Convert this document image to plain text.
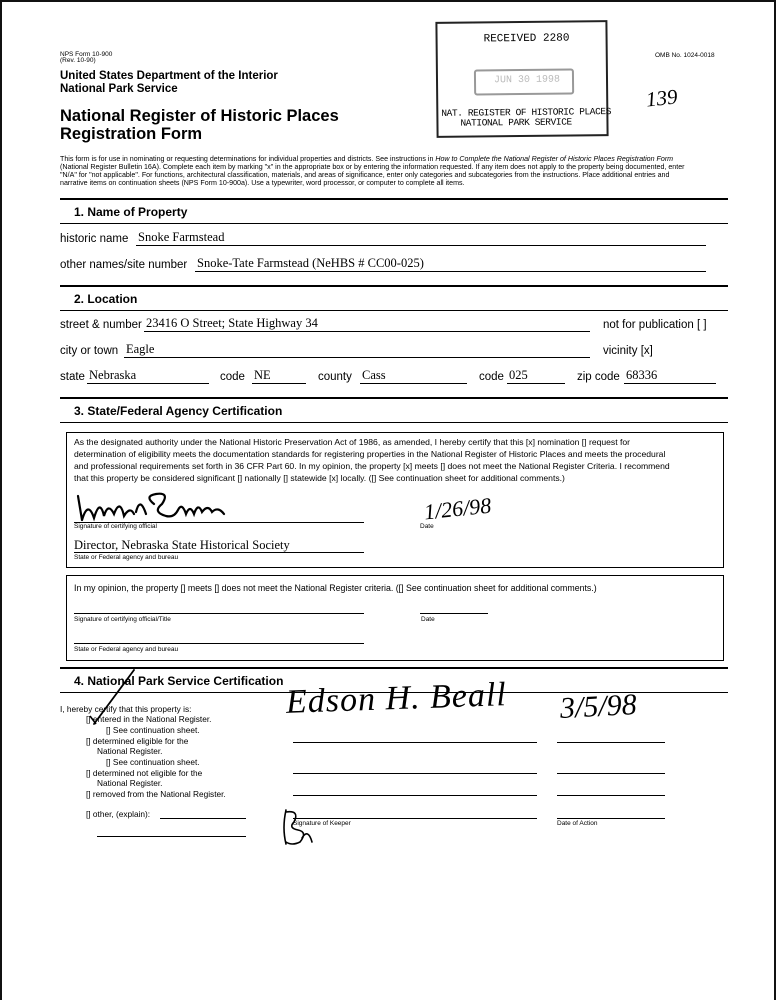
NPS Form 10-900
(Rev. 10-90)
United States Department of the Interior
National Park Service
National Register of Historic Places
Registration Form
OMB No. 1024-0018
139
RECEIVED 2280
JUN 30 1998
NAT. REGISTER OF HISTORIC PLACES
NATIONAL PARK SERVICE
This form is for use in nominating or requesting determinations for individual properties and districts. See instructions in How to Complete the National Register of Historic Places Registration Form
(National Register Bulletin 16A). Complete each item by marking "x" in the appropriate box or by entering the information requested. If any item does not apply to the property being documented, enter
"N/A" for "not applicable". For functions, architectural classification, materials, and areas of significance, enter only categories and subcategories from the instructions. Place additional entries and
narrative items on continuation sheets (NPS Form 10-900a). Use a typewriter, word processor, or computer to complete all items.
1. Name of Property
historic name Snoke Farmstead
other names/site number Snoke-Tate Farmstead (NeHBS # CC00-025)
2. Location
street & number 23416 O Street; State Highway 34	not for publication [ ]
city or town Eagle	vicinity [x]
state Nebraska	code NE	county Cass	code 025	zip code 68336
3. State/Federal Agency Certification
As the designated authority under the National Historic Preservation Act of 1986, as amended, I hereby certify that this [x] nomination [] request for
determination of eligibility meets the documentation standards for registering properties in the National Register of Historic Places and meets the procedural
and professional requirements set forth in 36 CFR Part 60. In my opinion, the property [x] meets [] does not meet the National Register Criteria. I recommend
that this property be considered significant [] nationally [] statewide [x] locally. ([] See continuation sheet for additional comments.)
Signature of certifying official
1/26/98
Date
Director, Nebraska State Historical Society
State or Federal agency and bureau
In my opinion, the property [] meets [] does not meet the National Register criteria. ([] See continuation sheet for additional comments.)
Signature of certifying official/Title	Date
State or Federal agency and bureau
4. National Park Service Certification
I, hereby certify that this property is:
[] entered in the National Register.
[] See continuation sheet.
[] determined eligible for the
National Register.
[] See continuation sheet.
[] determined not eligible for the
National Register.
[] removed from the National Register.
[] other, (explain):
Edson H. Beall 3/5/98
Signature of Keeper	Date of Action
